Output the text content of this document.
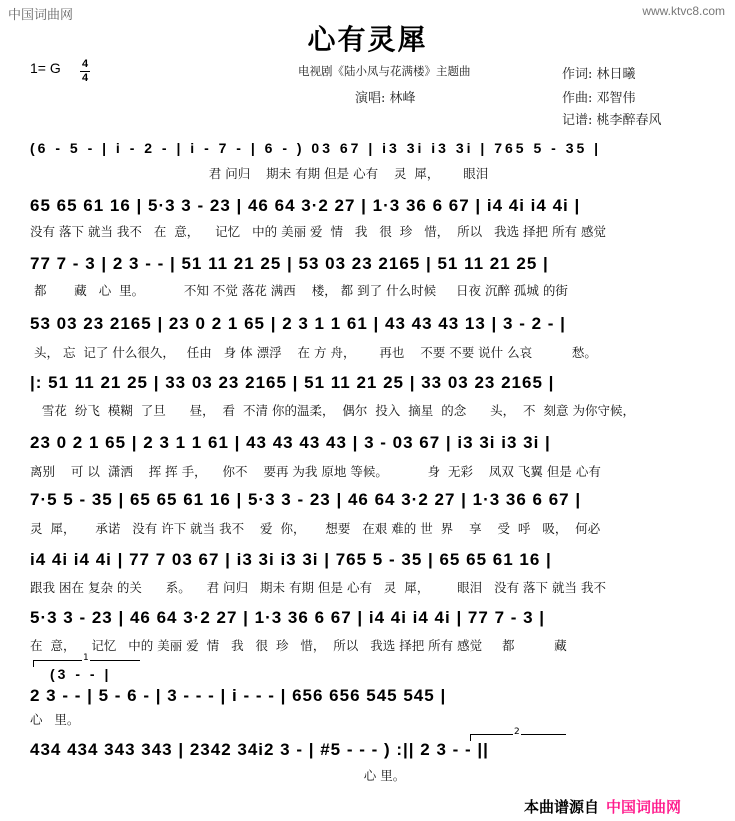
中国词曲网	www.ktvc8.com
心有灵犀
1= G 4
4	电视剧《陆小凤与花满楼》主题曲
演唱: 林峰
作词: 林日曦
作曲: 邓智伟
记谱: 桃李醉春风
(6 - 5 - | i - 2 - | i - 7 - | 6 - ) 03 67 | i3 3i i3 3i | 765 5 - 35 |
君 问归    期未 有期 但是 心有    灵  犀，      眼泪
65 65 61 16 | 5·3 3 - 23 | 46 64 3·2 27 | 1·3 36 6 67 | i4 4i i4 4i |
没有 落下 就当 我不   在  意，    记忆   中的 美丽 爱  情   我   很  珍   惜，  所以   我选 择把 所有 感觉
77 7 - 3 | 2 3 - - | 51 11 21 25 | 53 03 23 2165 | 51 11 21 25 |
都       藏   心  里。          不知 不觉 落花 满西    楼， 都 到了 什么时候     日夜 沉醉 孤城 的街
53 03 23 2165 | 23 0 2 1 65 | 2 3 1 1 61 | 43 43 43 13 | 3 - 2 - |
头， 忘  记了 什么很久，   任由   身 体 漂浮    在 方 舟，      再也    不要 不要 说什 么哀          愁。
|: 51 11 21 25 | 33 03 23 2165 | 51 11 21 25 | 33 03 23 2165 |
雪花  纷飞  模糊  了旦      昼，  看  不清 你的温柔，  偶尔  投入  摘星  的念      头，  不  刻意 为你守候，
23 0 2 1 65 | 2 3 1 1 61 | 43 43 43 43 | 3 - 03 67 | i3 3i i3 3i |
离别    可 以  潇洒    挥 挥 手，    你不    要再 为我 原地 等候。          身  无彩    凤双 飞翼 但是 心有
7·5 5 - 35 | 65 65 61 16 | 5·3 3 - 23 | 46 64 3·2 27 | 1·3 36 6 67 |
灵  犀，     承诺   没有 许下 就当 我不    爱  你，     想要   在艰 难的 世  界    享    受  呼   吸，  何必
i4 4i i4 4i | 77 7 03 67 | i3 3i i3 3i | 765 5 - 35 | 65 65 61 16 |
跟我 困在 复杂 的关      系。    君 问归   期未 有期 但是 心有   灵  犀，       眼泪   没有 落下 就当 我不
5·3 3 - 23 | 46 64 3·2 27 | 1·3 36 6 67 | i4 4i i4 4i | 77 7 - 3 |
在  意，    记忆   中的 美丽 爱  情   我   很  珍   惜，  所以   我选 择把 所有 感觉     都          藏
1
(3 - - |
2 3 - - | 5 - 6 - | 3 - - - | i - - - | 656 656 545 545 |
心   里。
2
434 434 343 343 | 2342 34i2 3 - | #5 - - - ) :|| 2 3 - - ||
心 里。
本曲谱源自 中国词曲网
